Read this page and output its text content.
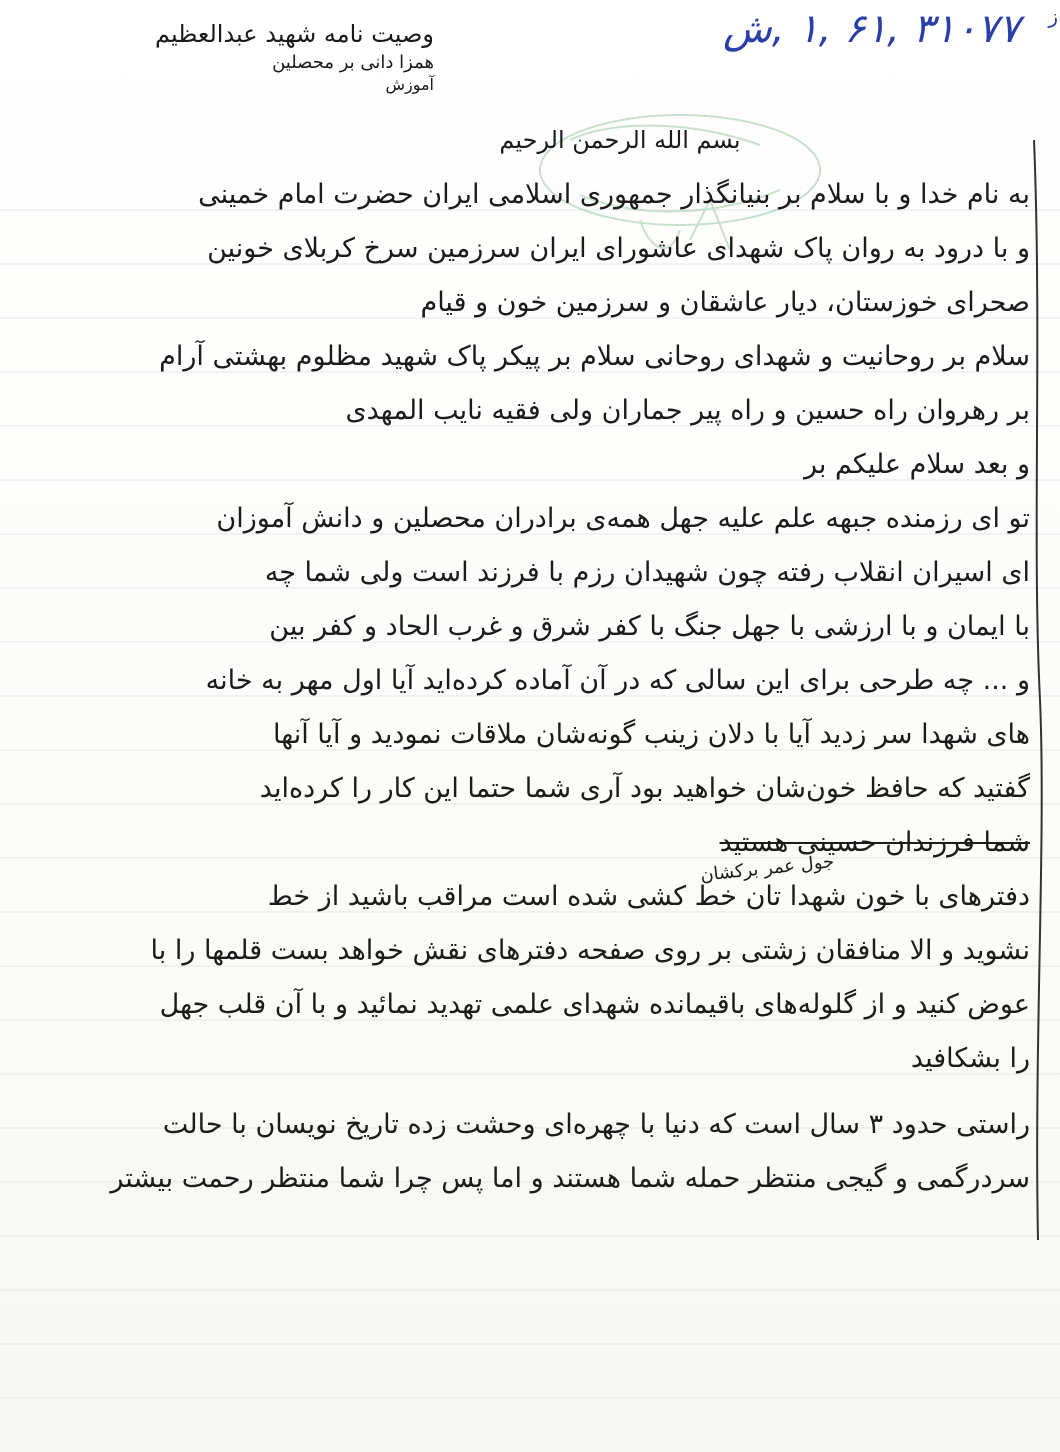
۳۱۰۷۷ ,۶۱ ,۱ ,ش ز
وصیت نامه شهید عبدالعظیم
همزا دانی بر محصلین
آموزش
بسم الله الرحمن الرحیم
جول عمر برکشان
به نام خدا و با سلام بر بنیانگذار جمهوری اسلامی ایران حضرت امام خمینی
و با درود به روان پاک شهدای عاشورای ایران سرزمین سرخ کربلای خونین
صحرای خوزستان، دیار عاشقان و سرزمین خون و قیام
سلام بر روحانیت و شهدای روحانی سلام بر پیکر پاک شهید مظلوم بهشتی آرام
بر رهروان راه حسین و راه پیر جماران ولی فقیه نایب المهدی
و بعد سلام علیکم بر
تو ای رزمنده جبهه علم علیه جهل همه‌ی برادران محصلین و دانش آموزان
ای اسیران انقلاب رفته چون شهیدان رزم با فرزند است ولی شما چه
با ایمان و با ارزشی با جهل جنگ با کفر شرق و غرب الحاد و کفر بین
و ... چه طرحی برای این سالی که در آن آماده کرده‌اید آیا اول مهر به خانه
های شهدا سر زدید آیا با دلان زینب گونه‌شان ملاقات نمودید و آیا آنها
گفتید که حافظ خون‌شان خواهید بود آری شما حتما این کار را کرده‌اید
شما فرزندان حسینی هستید
دفترهای با خون شهدا تان خط کشی شده است مراقب باشید از خط
نشوید و الا منافقان زشتی بر روی صفحه دفترهای نقش خواهد بست قلمها را با
عوض کنید و از گلوله‌های باقیمانده شهدای علمی تهدید نمائید و با آن قلب جهل
را بشکافید
راستی حدود ۳ سال است که دنیا با چهره‌ای وحشت زده تاریخ نویسان با حالت
سردرگمی و گیجی منتظر حمله شما هستند و اما پس چرا شما منتظر رحمت بیشتر
